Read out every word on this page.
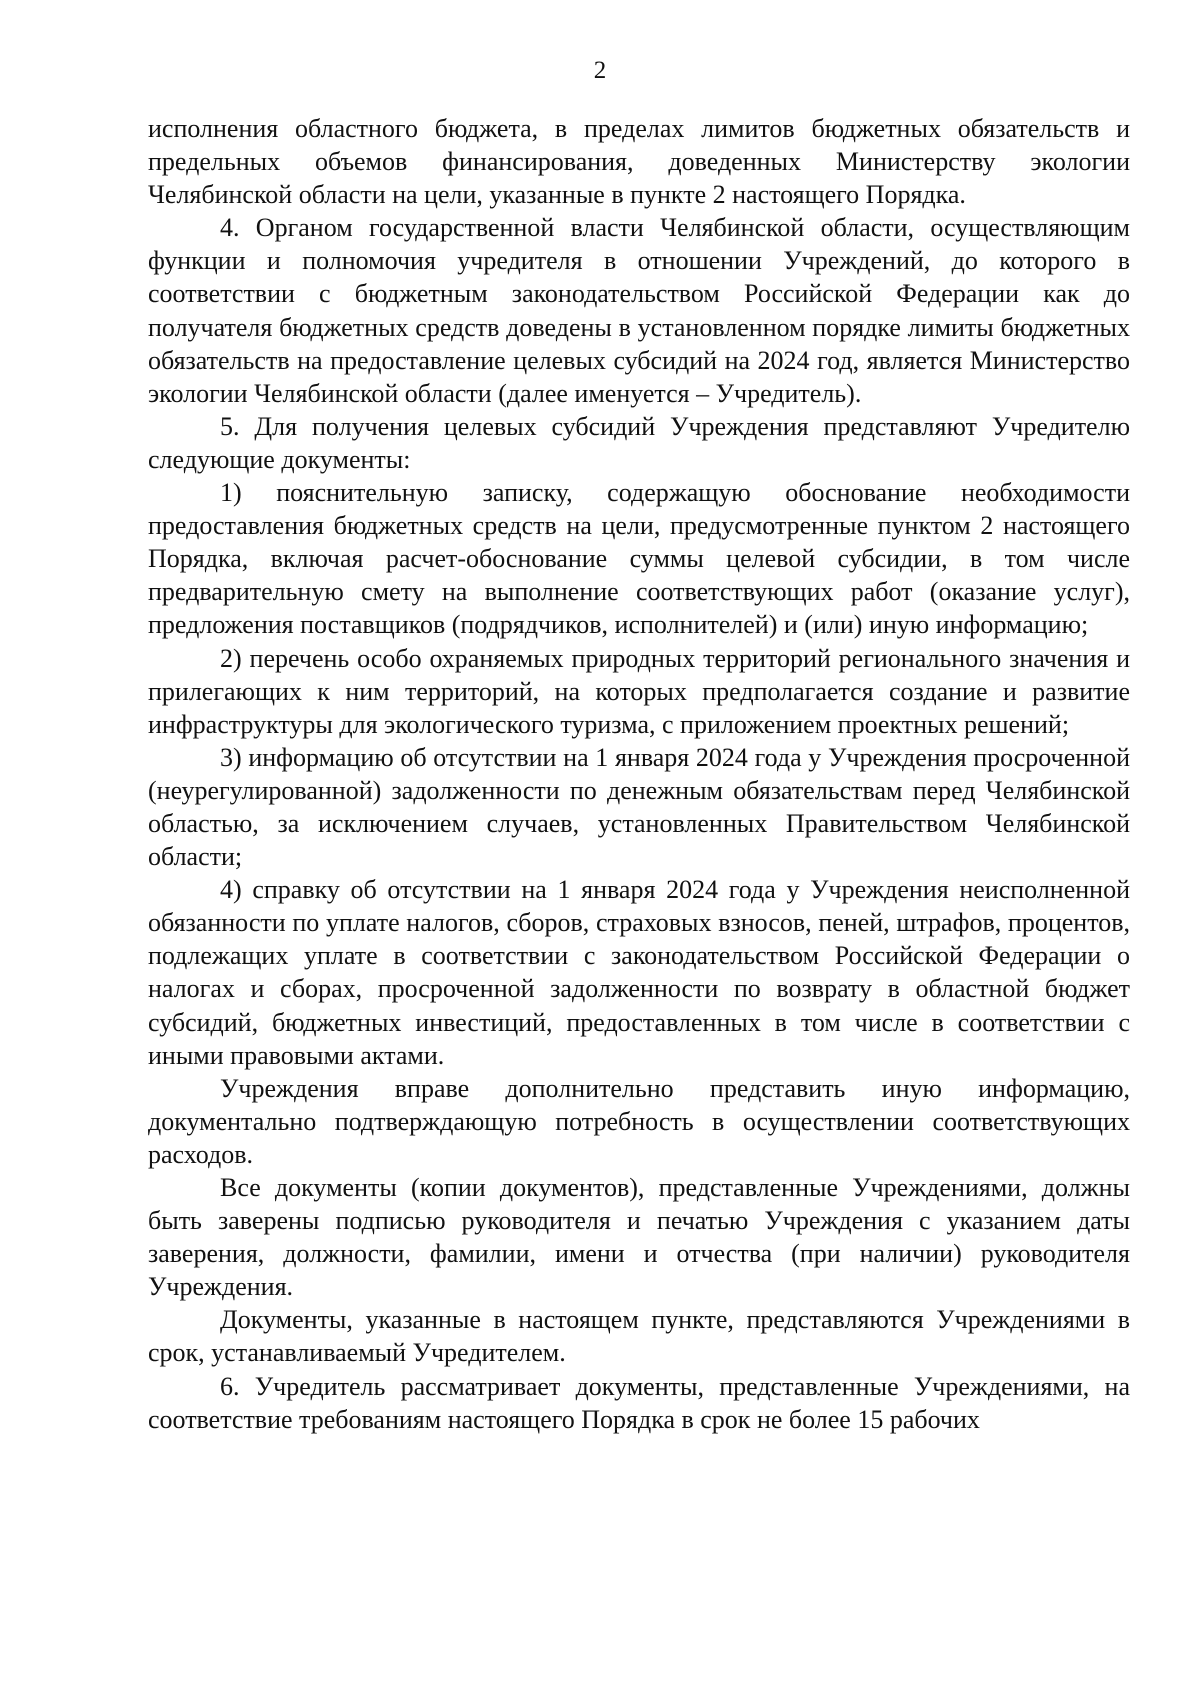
2

исполнения областного бюджета, в пределах лимитов бюджетных обязательств и предельных объемов финансирования, доведенных Министерству экологии Челябинской области на цели, указанные в пункте 2 настоящего Порядка.

4. Органом государственной власти Челябинской области, осуществляющим функции и полномочия учредителя в отношении Учреждений, до которого в соответствии с бюджетным законодательством Российской Федерации как до получателя бюджетных средств доведены в установленном порядке лимиты бюджетных обязательств на предоставление целевых субсидий на 2024 год, является Министерство экологии Челябинской области (далее именуется – Учредитель).

5. Для получения целевых субсидий Учреждения представляют Учредителю следующие документы:

1) пояснительную записку, содержащую обоснование необходимости предоставления бюджетных средств на цели, предусмотренные пунктом 2 настоящего Порядка, включая расчет-обоснование суммы целевой субсидии, в том числе предварительную смету на выполнение соответствующих работ (оказание услуг), предложения поставщиков (подрядчиков, исполнителей) и (или) иную информацию;

2) перечень особо охраняемых природных территорий регионального значения и прилегающих к ним территорий, на которых предполагается создание и развитие инфраструктуры для экологического туризма, с приложением проектных решений;

3) информацию об отсутствии на 1 января 2024 года у Учреждения просроченной (неурегулированной) задолженности по денежным обязательствам перед Челябинской областью, за исключением случаев, установленных Правительством Челябинской области;

4) справку об отсутствии на 1 января 2024 года у Учреждения неисполненной обязанности по уплате налогов, сборов, страховых взносов, пеней, штрафов, процентов, подлежащих уплате в соответствии с законодательством Российской Федерации о налогах и сборах, просроченной задолженности по возврату в областной бюджет субсидий, бюджетных инвестиций, предоставленных в том числе в соответствии с иными правовыми актами.

Учреждения вправе дополнительно представить иную информацию, документально подтверждающую потребность в осуществлении соответствующих расходов.

Все документы (копии документов), представленные Учреждениями, должны быть заверены подписью руководителя и печатью Учреждения с указанием даты заверения, должности, фамилии, имени и отчества (при наличии) руководителя Учреждения.

Документы, указанные в настоящем пункте, представляются Учреждениями в срок, устанавливаемый Учредителем.

6. Учредитель рассматривает документы, представленные Учреждениями, на соответствие требованиям настоящего Порядка в срок не более 15 рабочих
